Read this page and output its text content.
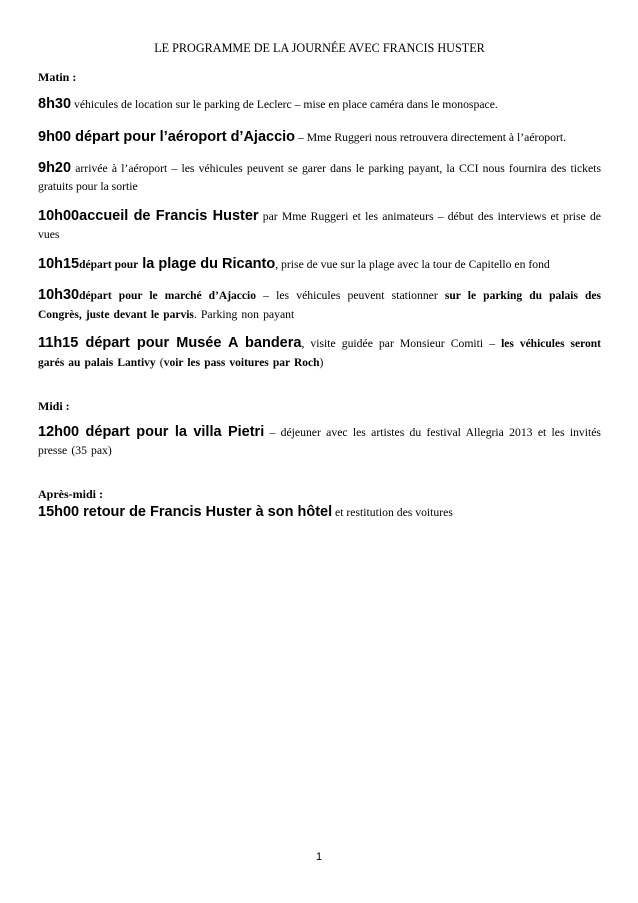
LE PROGRAMME DE LA JOURNÉE AVEC FRANCIS HUSTER
Matin :
8h30 véhicules de location sur le parking de Leclerc – mise en place caméra dans le monospace.
9h00 départ pour l’aéroport d’Ajaccio – Mme Ruggeri nous retrouvera directement à l’aéroport.
9h20 arrivée à l’aéroport – les véhicules peuvent se garer dans le parking payant, la CCI nous fournira des tickets gratuits pour la sortie
10h00accueil de Francis Huster par Mme Ruggeri et les animateurs – début des interviews et prise de vues
10h15départ pour la plage du Ricanto, prise de vue sur la plage avec la tour de Capitello en fond
10h30départ pour le marché d’Ajaccio – les véhicules peuvent stationner sur le parking du palais des Congrès, juste devant le parvis. Parking non payant
11h15 départ pour Musée A bandera, visite guidée par Monsieur Comiti – les véhicules seront garés au palais Lantivy (voir les pass voitures par Roch)
Midi :
12h00 départ pour la villa Pietri – déjeuner avec les artistes du festival Allegria 2013 et les invités presse (35 pax)
Après-midi :
15h00 retour de Francis Huster à son hôtel et restitution des voitures
1
